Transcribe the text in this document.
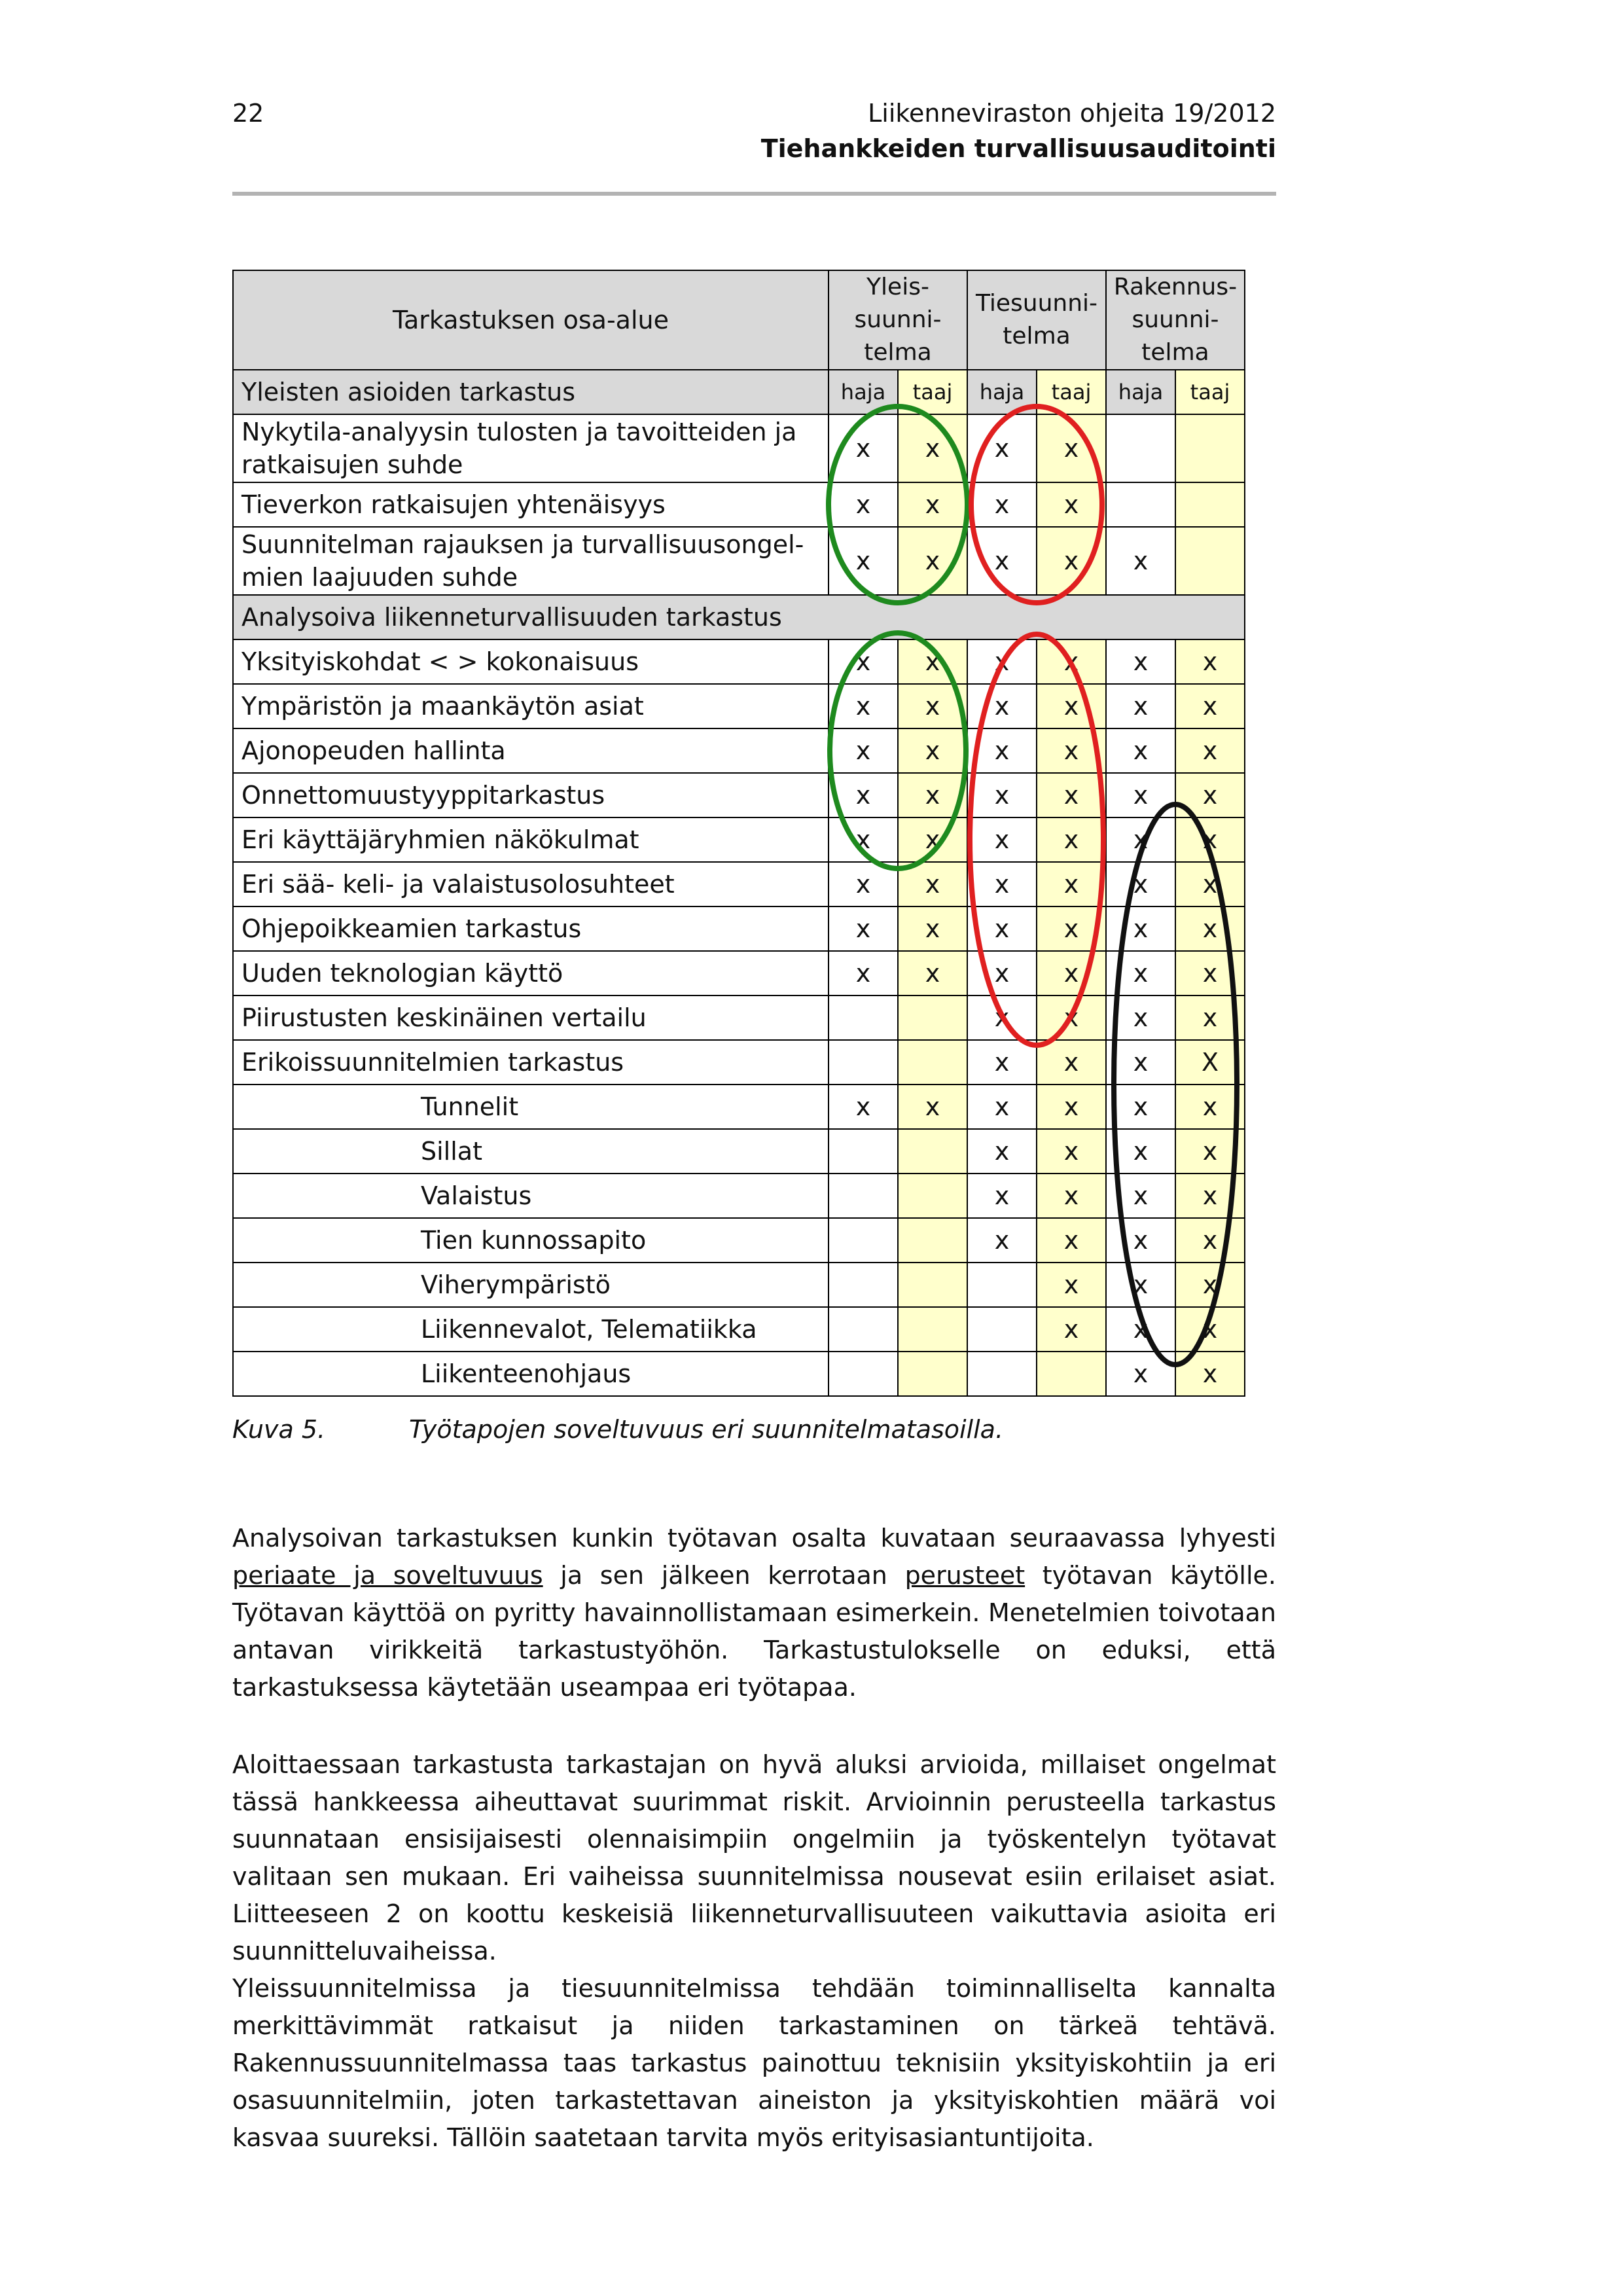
22	Liikenneviraston ohjeita 19/2012
Tiehankkeiden turvallisuusauditointi
Tarkastuksen osa-alue	Yleis-
suunni-
telma		Tiesuunni-
telma		Rakennus-
suunni-
telma	
Yleisten asioiden tarkastus	haja	taaj	haja	taaj	haja	taaj
Nykytila-analyysin tulosten ja tavoitteiden ja
ratkaisujen suhde	x	x	x	x		
Tieverkon ratkaisujen yhtenäisyys	x	x	x	x		
Suunnitelman rajauksen ja turvallisuusongel-
mien laajuuden suhde	x	x	x	x	x	
Analysoiva liikenneturvallisuuden tarkastus						
Yksityiskohdat < > kokonaisuus	x	x	x	x	x	x
Ympäristön ja maankäytön asiat	x	x	x	x	x	x
Ajonopeuden hallinta	x	x	x	x	x	x
Onnettomuustyyppitarkastus	x	x	x	x	x	x
Eri käyttäjäryhmien näkökulmat	x	x	x	x	x	x
Eri sää- keli- ja valaistusolosuhteet	x	x	x	x	x	x
Ohjepoikkeamien tarkastus	x	x	x	x	x	x
Uuden teknologian käyttö	x	x	x	x	x	x
Piirustusten keskinäinen vertailu			x	x	x	x
Erikoissuunnitelmien tarkastus			x	x	x	X
Tunnelit	x	x	x	x	x	x
Sillat			x	x	x	x
Valaistus			x	x	x	x
Tien kunnossapito			x	x	x	x
Viherympäristö				x	x	x
Liikennevalot, Telematiikka				x	x	x
Liikenteenohjaus					x	x
Kuva 5.	Työtapojen soveltuvuus eri suunnitelmatasoilla.

Analysoivan tarkastuksen kunkin työtavan osalta kuvataan seuraavassa lyhyesti periaate ja soveltuvuus ja sen jälkeen kerrotaan perusteet työtavan käytölle. Työtavan käyttöä on pyritty havainnollistamaan esimerkein. Menetelmien toivotaan antavan virikkeitä tarkastustyöhön. Tarkastustulokselle on eduksi, että tarkastuksessa käytetään useampaa eri työtapaa.

Aloittaessaan tarkastusta tarkastajan on hyvä aluksi arvioida, millaiset ongelmat tässä hankkeessa aiheuttavat suurimmat riskit. Arvioinnin perusteella tarkastus suunnataan ensisijaisesti olennaisimpiin ongelmiin ja työskentelyn työtavat valitaan sen mukaan. Eri vaiheissa suunnitelmissa nousevat esiin erilaiset asiat. Liitteeseen 2 on koottu keskeisiä liikenneturvallisuuteen vaikuttavia asioita eri suunnitteluvaiheissa.

Yleissuunnitelmissa ja tiesuunnitelmissa tehdään toiminnalliselta kannalta merkittävimmät ratkaisut ja niiden tarkastaminen on tärkeä tehtävä. Rakennussuunnitelmassa taas tarkastus painottuu teknisiin yksityiskohtiin ja eri osasuunnitelmiin, joten tarkastettavan aineiston ja yksityiskohtien määrä voi kasvaa suureksi. Tällöin saatetaan tarvita myös erityisasiantuntijoita.
